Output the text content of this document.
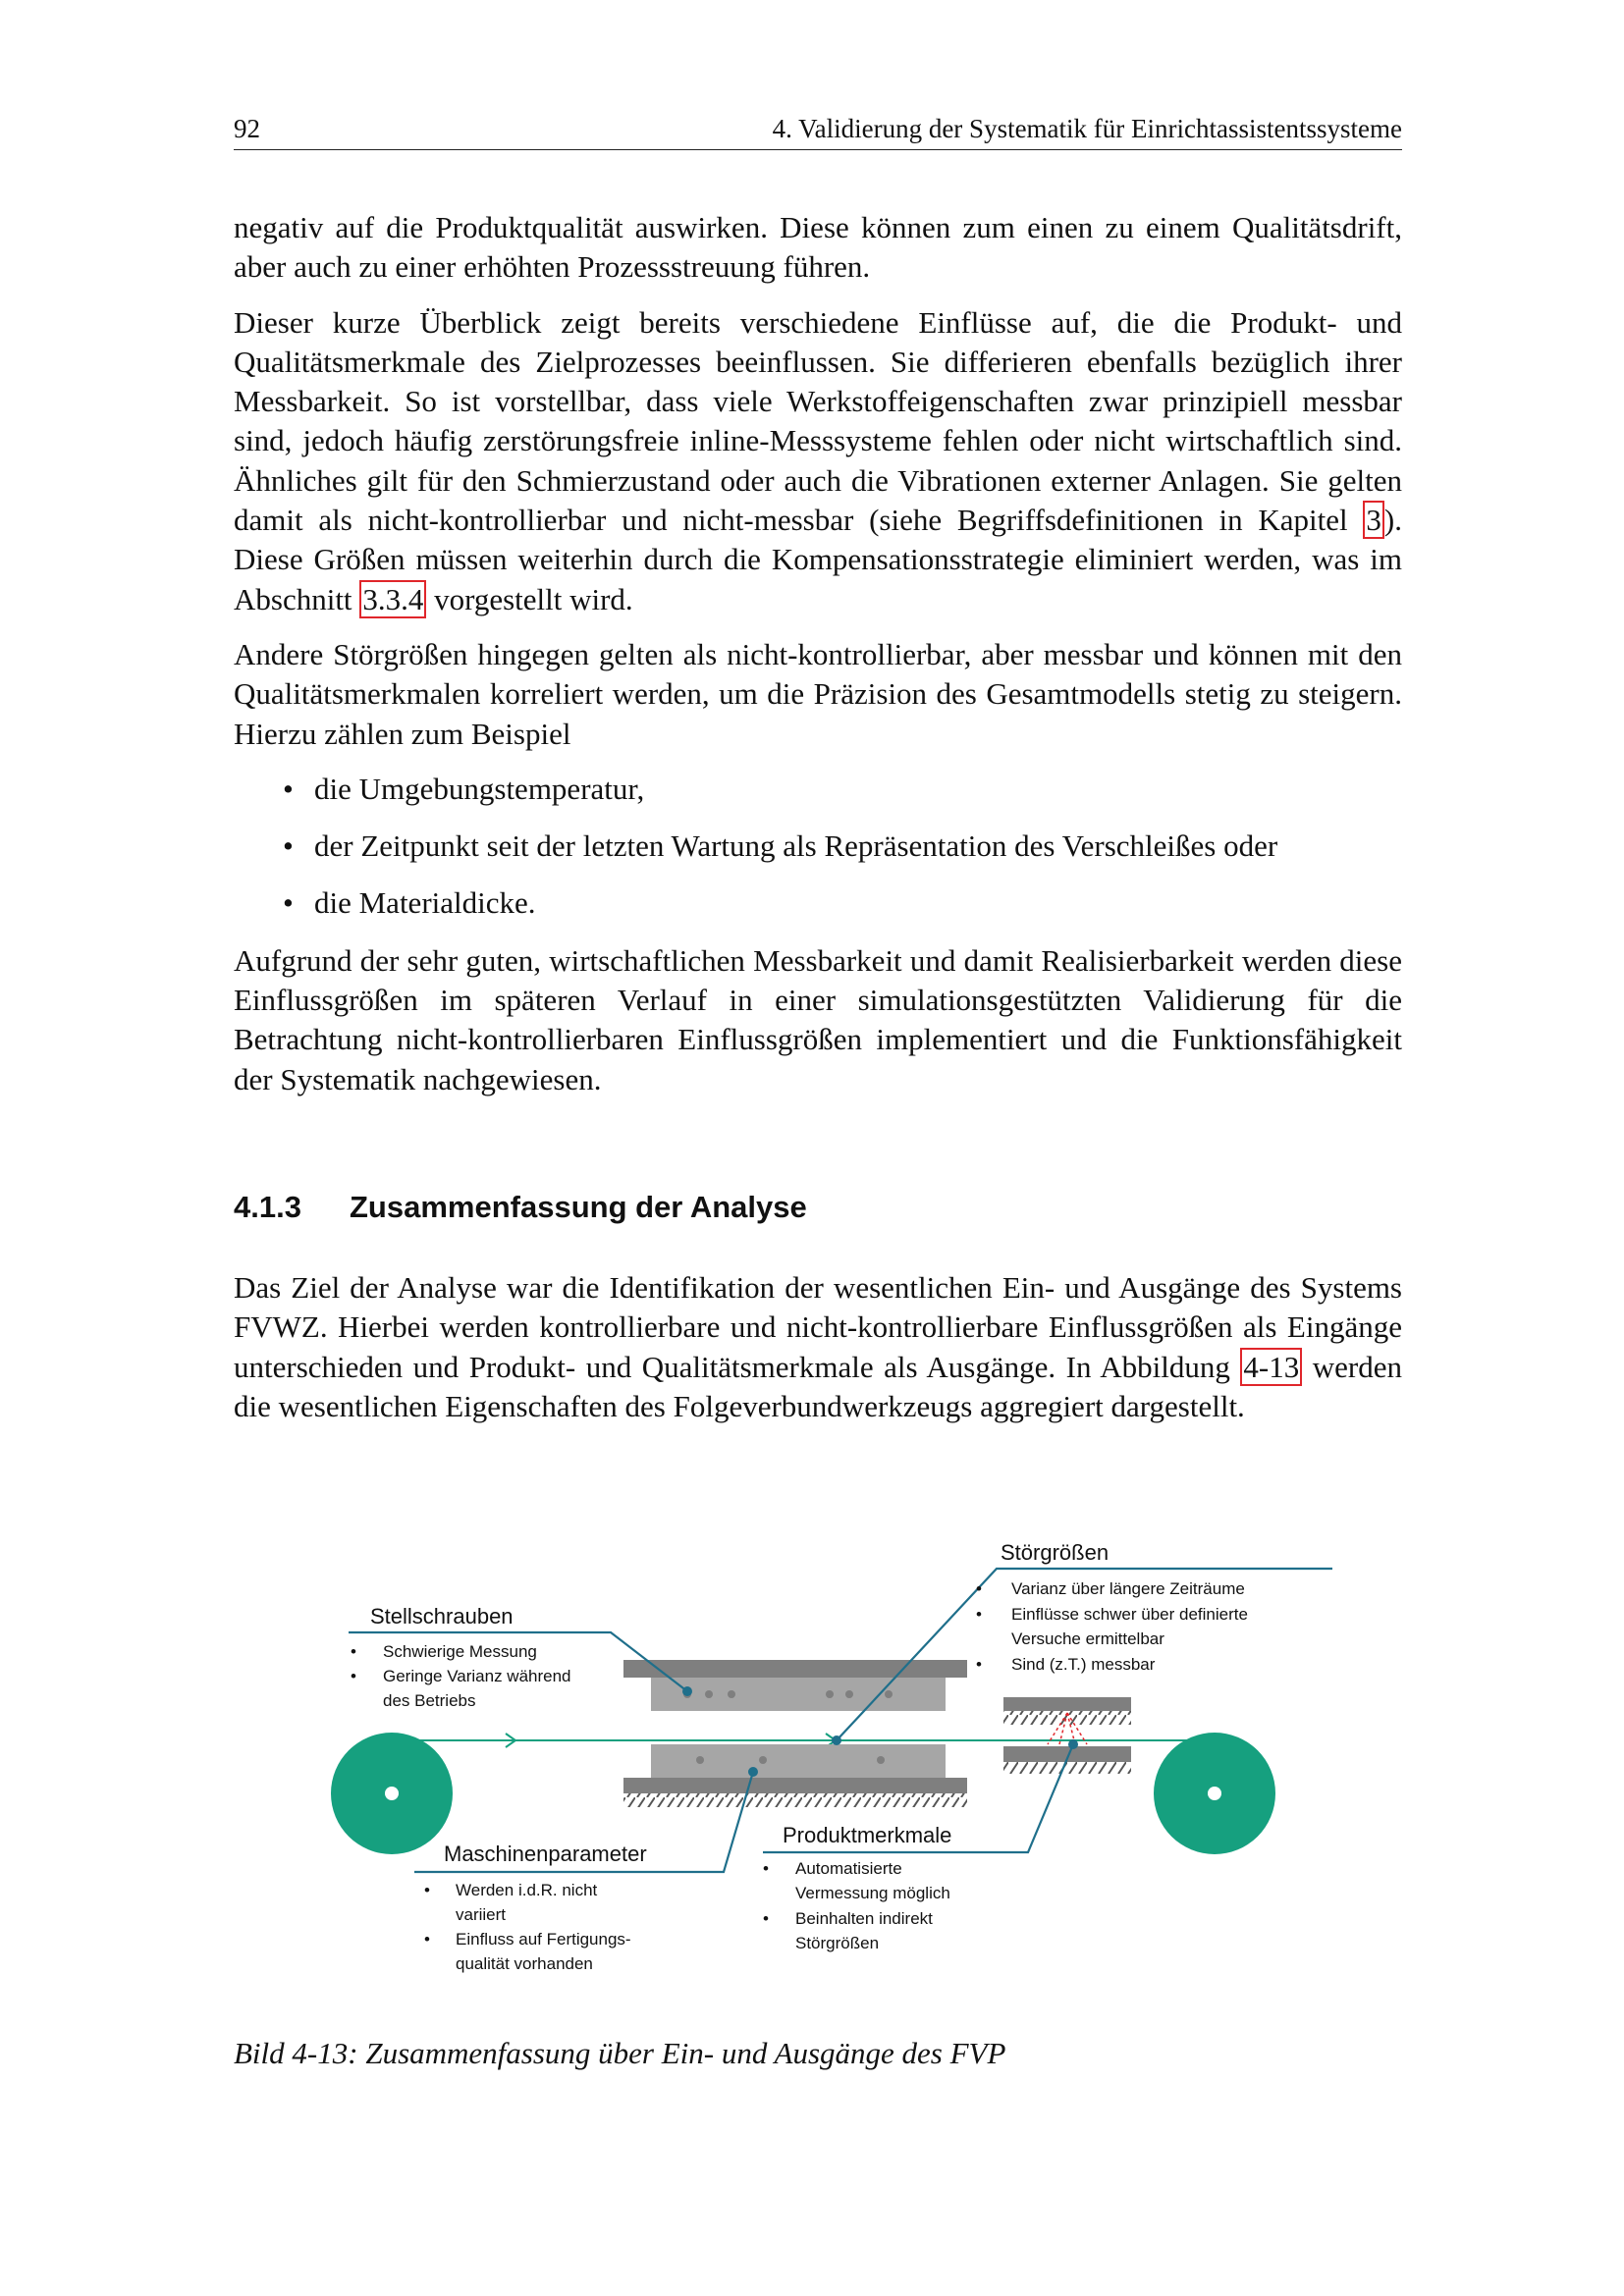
92	4. Validierung der Systematik für Einrichtassistentssysteme

negativ auf die Produktqualität auswirken. Diese können zum einen zu einem Qualitätsdrift, aber auch zu einer erhöhten Prozessstreuung führen.

Dieser kurze Überblick zeigt bereits verschiedene Einflüsse auf, die die Produkt- und Qualitätsmerkmale des Zielprozesses beeinflussen. Sie differieren ebenfalls bezüglich ihrer Messbarkeit. So ist vorstellbar, dass viele Werkstoffeigenschaften zwar prinzipiell messbar sind, jedoch häufig zerstörungsfreie inline-Messsysteme fehlen oder nicht wirtschaftlich sind. Ähnliches gilt für den Schmierzustand oder auch die Vibrationen externer Anlagen. Sie gelten damit als nicht-kontrollierbar und nicht-messbar (siehe Begriffsdefinitionen in Kapitel 3). Diese Größen müssen weiterhin durch die Kompensationsstrategie eliminiert werden, was im Abschnitt 3.3.4 vorgestellt wird.

Andere Störgrößen hingegen gelten als nicht-kontrollierbar, aber messbar und können mit den Qualitätsmerkmalen korreliert werden, um die Präzision des Gesamtmodells stetig zu steigern. Hierzu zählen zum Beispiel

• die Umgebungstemperatur,
• der Zeitpunkt seit der letzten Wartung als Repräsentation des Verschleißes oder
• die Materialdicke.

Aufgrund der sehr guten, wirtschaftlichen Messbarkeit und damit Realisierbarkeit werden diese Einflussgrößen im späteren Verlauf in einer simulationsgestützten Validierung für die Betrachtung nicht-kontrollierbaren Einflussgrößen implementiert und die Funktionsfähigkeit der Systematik nachgewiesen.

4.1.3 Zusammenfassung der Analyse

Das Ziel der Analyse war die Identifikation der wesentlichen Ein- und Ausgänge des Systems FVWZ. Hierbei werden kontrollierbare und nicht-kontrollierbare Einflussgrößen als Eingänge unterschieden und Produkt- und Qualitätsmerkmale als Ausgänge. In Abbildung 4-13 werden die wesentlichen Eigenschaften des Folgeverbundwerkzeugs aggregiert dargestellt.

Störgrößen
• Varianz über längere Zeiträume
• Einflüsse schwer über definierte
Versuche ermittelbar
• Sind (z.T.) messbar
Stellschrauben
• Schwierige Messung
• Geringe Varianz während
des Betriebs
Maschinenparameter
• Werden i.d.R. nicht
variiert
• Einfluss auf Fertigungs-
qualität vorhanden
Produktmerkmale
• Automatisierte
Vermessung möglich
• Beinhalten indirekt
Störgrößen
Bild 4-13: Zusammenfassung über Ein- und Ausgänge des FVP
